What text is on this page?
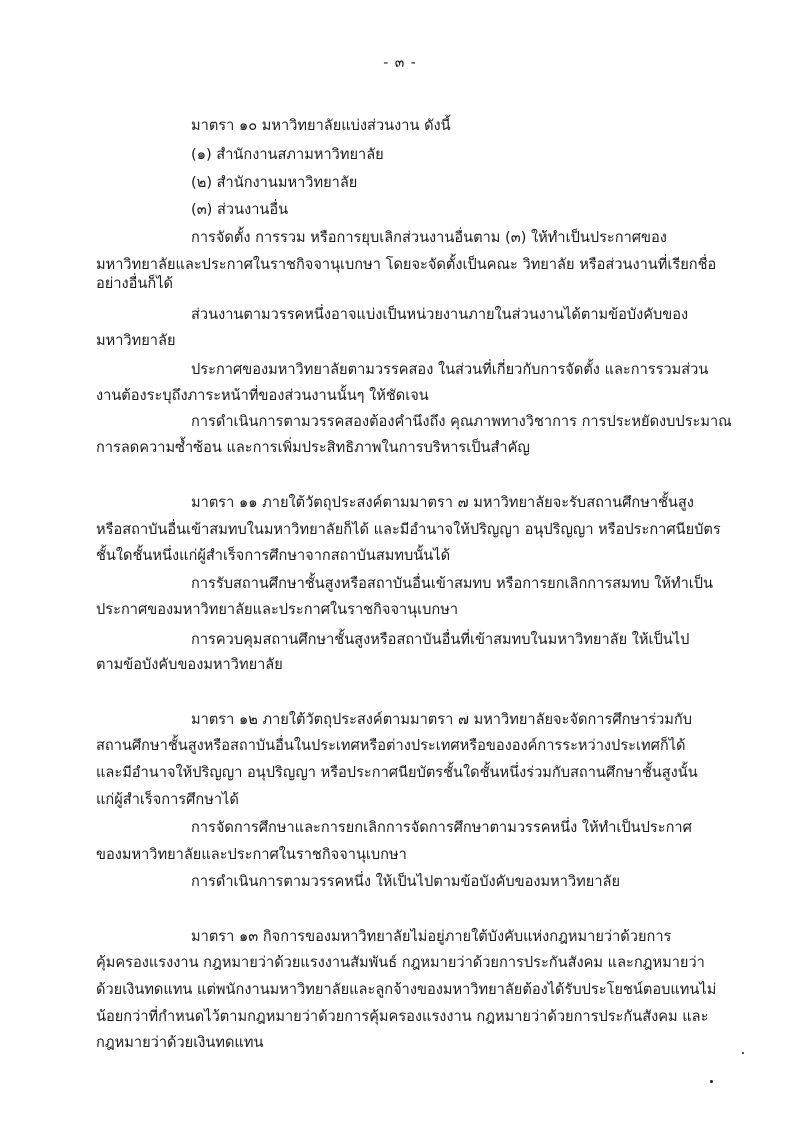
- ๓ -
มาตรา ๑๐ มหาวิทยาลัยแบ่งส่วนงาน ดังนี้
(๑) สำนักงานสภามหาวิทยาลัย
(๒) สำนักงานมหาวิทยาลัย
(๓) ส่วนงานอื่น
การจัดตั้ง การรวม หรือการยุบเลิกส่วนงานอื่นตาม (๓) ให้ทำเป็นประกาศของ
มหาวิทยาลัยและประกาศในราชกิจจานุเบกษา โดยจะจัดตั้งเป็นคณะ วิทยาลัย หรือส่วนงานที่เรียกชื่อ
อย่างอื่นก็ได้
ส่วนงานตามวรรคหนึ่งอาจแบ่งเป็นหน่วยงานภายในส่วนงานได้ตามข้อบังคับของ
มหาวิทยาลัย
ประกาศของมหาวิทยาลัยตามวรรคสอง ในส่วนที่เกี่ยวกับการจัดตั้ง และการรวมส่วน
งานต้องระบุถึงภาระหน้าที่ของส่วนงานนั้นๆ ให้ชัดเจน
การดำเนินการตามวรรคสองต้องคำนึงถึง คุณภาพทางวิชาการ การประหยัดงบประมาณ
การลดความซ้ำซ้อน และการเพิ่มประสิทธิภาพในการบริหารเป็นสำคัญ
มาตรา ๑๑ ภายใต้วัตถุประสงค์ตามมาตรา ๗ มหาวิทยาลัยจะรับสถานศึกษาชั้นสูง
หรือสถาบันอื่นเข้าสมทบในมหาวิทยาลัยก็ได้ และมีอำนาจให้ปริญญา อนุปริญญา หรือประกาศนียบัตร
ชั้นใดชั้นหนึ่งแก่ผู้สำเร็จการศึกษาจากสถาบันสมทบนั้นได้
การรับสถานศึกษาชั้นสูงหรือสถาบันอื่นเข้าสมทบ หรือการยกเลิกการสมทบ ให้ทำเป็น
ประกาศของมหาวิทยาลัยและประกาศในราชกิจจานุเบกษา
การควบคุมสถานศึกษาชั้นสูงหรือสถาบันอื่นที่เข้าสมทบในมหาวิทยาลัย ให้เป็นไป
ตามข้อบังคับของมหาวิทยาลัย
มาตรา ๑๒ ภายใต้วัตถุประสงค์ตามมาตรา ๗ มหาวิทยาลัยจะจัดการศึกษาร่วมกับ
สถานศึกษาชั้นสูงหรือสถาบันอื่นในประเทศหรือต่างประเทศหรือขององค์การระหว่างประเทศก็ได้
และมีอำนาจให้ปริญญา อนุปริญญา หรือประกาศนียบัตรชั้นใดชั้นหนึ่งร่วมกับสถานศึกษาชั้นสูงนั้น
แก่ผู้สำเร็จการศึกษาได้
การจัดการศึกษาและการยกเลิกการจัดการศึกษาตามวรรคหนึ่ง ให้ทำเป็นประกาศ
ของมหาวิทยาลัยและประกาศในราชกิจจานุเบกษา
การดำเนินการตามวรรคหนึ่ง ให้เป็นไปตามข้อบังคับของมหาวิทยาลัย
มาตรา ๑๓ กิจการของมหาวิทยาลัยไม่อยู่ภายใต้บังคับแห่งกฎหมายว่าด้วยการ
คุ้มครองแรงงาน กฎหมายว่าด้วยแรงงานสัมพันธ์ กฎหมายว่าด้วยการประกันสังคม และกฎหมายว่า
ด้วยเงินทดแทน แต่พนักงานมหาวิทยาลัยและลูกจ้างของมหาวิทยาลัยต้องได้รับประโยชน์ตอบแทนไม่
น้อยกว่าที่กำหนดไว้ตามกฎหมายว่าด้วยการคุ้มครองแรงงาน กฎหมายว่าด้วยการประกันสังคม และ
กฎหมายว่าด้วยเงินทดแทน
